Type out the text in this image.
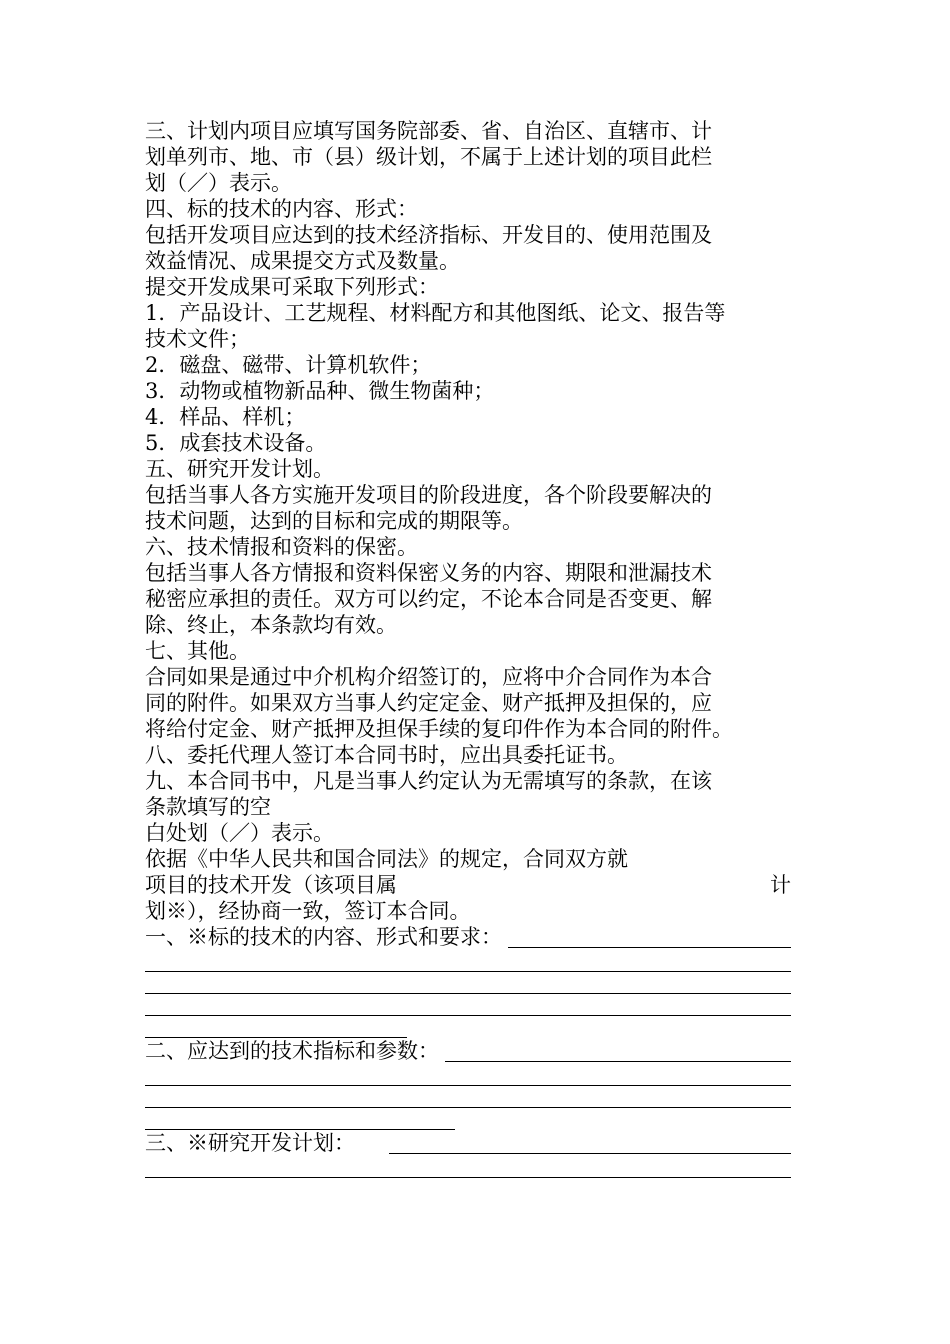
三、计划内项目应填写国务院部委、省、自治区、直辖市、计
划单列市、地、市（县）级计划，不属于上述计划的项目此栏
划（／）表示。
四、标的技术的内容、形式：
包括开发项目应达到的技术经济指标、开发目的、使用范围及
效益情况、成果提交方式及数量。
提交开发成果可采取下列形式：
1．产品设计、工艺规程、材料配方和其他图纸、论文、报告等
技术文件；
2．磁盘、磁带、计算机软件；
3．动物或植物新品种、微生物菌种；
4．样品、样机；
5．成套技术设备。
五、研究开发计划。
包括当事人各方实施开发项目的阶段进度，各个阶段要解决的
技术问题，达到的目标和完成的期限等。
六、技术情报和资料的保密。
包括当事人各方情报和资料保密义务的内容、期限和泄漏技术
秘密应承担的责任。双方可以约定，不论本合同是否变更、解
除、终止，本条款均有效。
七、其他。
合同如果是通过中介机构介绍签订的，应将中介合同作为本合
同的附件。如果双方当事人约定定金、财产抵押及担保的，应
将给付定金、财产抵押及担保手续的复印件作为本合同的附件。
八、委托代理人签订本合同书时，应出具委托证书。
九、本合同书中，凡是当事人约定认为无需填写的条款，在该
条款填写的空
白处划（／）表示。
依据《中华人民共和国合同法》的规定，合同双方就
项目的技术开发（该项目属	计
划※），经协商一致，签订本合同。
一、※标的技术的内容、形式和要求：
二、应达到的技术指标和参数：
三、※研究开发计划：
